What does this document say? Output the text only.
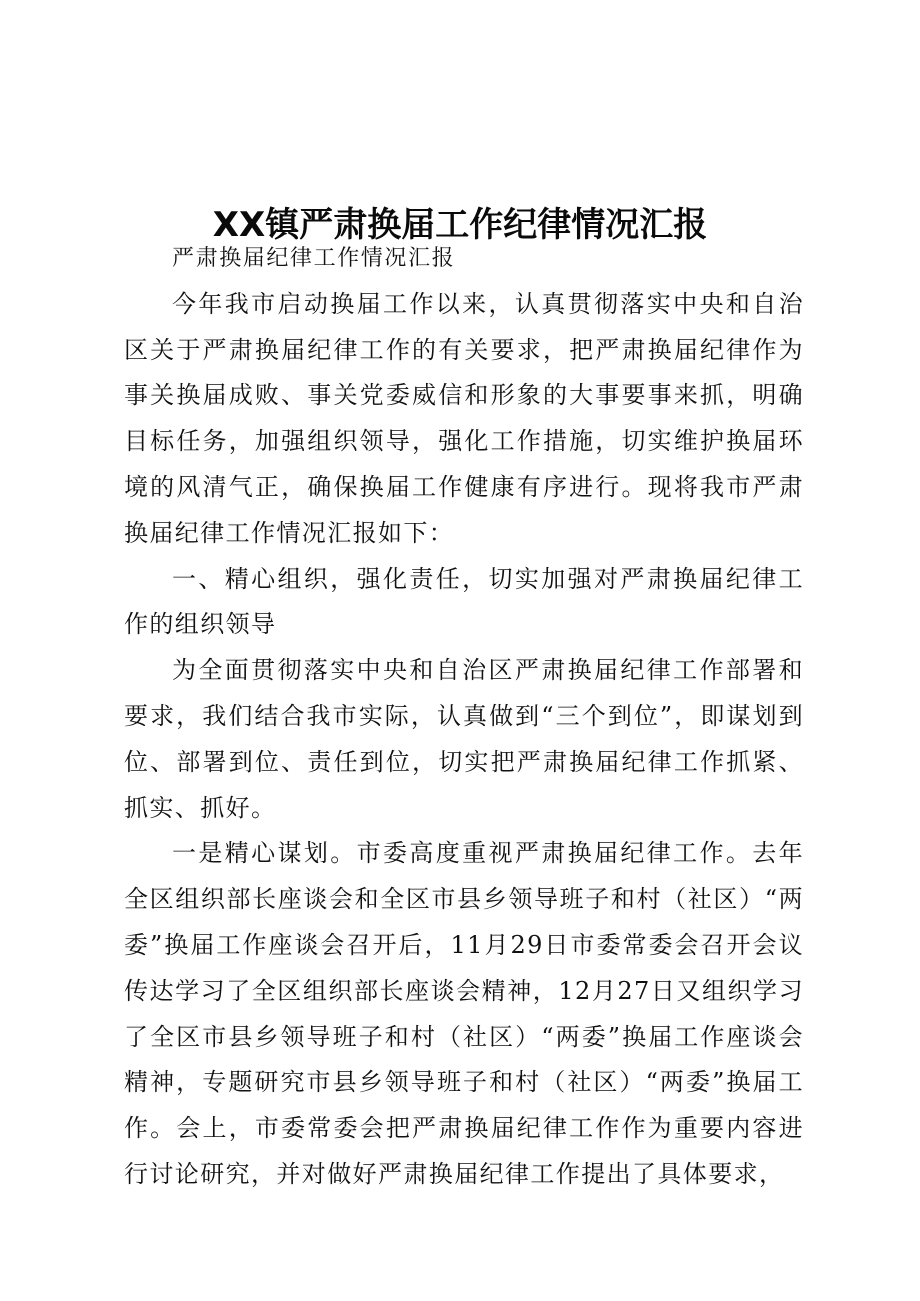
XX镇严肃换届工作纪律情况汇报

严肃换届纪律工作情况汇报

今年我市启动换届工作以来，认真贯彻落实中央和自治区关于严肃换届纪律工作的有关要求，把严肃换届纪律作为事关换届成败、事关党委威信和形象的大事要事来抓，明确目标任务，加强组织领导，强化工作措施，切实维护换届环境的风清气正，确保换届工作健康有序进行。现将我市严肃换届纪律工作情况汇报如下：

一、精心组织，强化责任，切实加强对严肃换届纪律工作的组织领导

为全面贯彻落实中央和自治区严肃换届纪律工作部署和要求，我们结合我市实际，认真做到“三个到位”，即谋划到位、部署到位、责任到位，切实把严肃换届纪律工作抓紧、抓实、抓好。

一是精心谋划。市委高度重视严肃换届纪律工作。去年全区组织部长座谈会和全区市县乡领导班子和村（社区）“两委”换届工作座谈会召开后，11月29日市委常委会召开会议传达学习了全区组织部长座谈会精神，12月27日又组织学习了全区市县乡领导班子和村（社区）“两委”换届工作座谈会精神，专题研究市县乡领导班子和村（社区）“两委”换届工作。会上，市委常委会把严肃换届纪律工作作为重要内容进行讨论研究，并对做好严肃换届纪律工作提出了具体要求，
